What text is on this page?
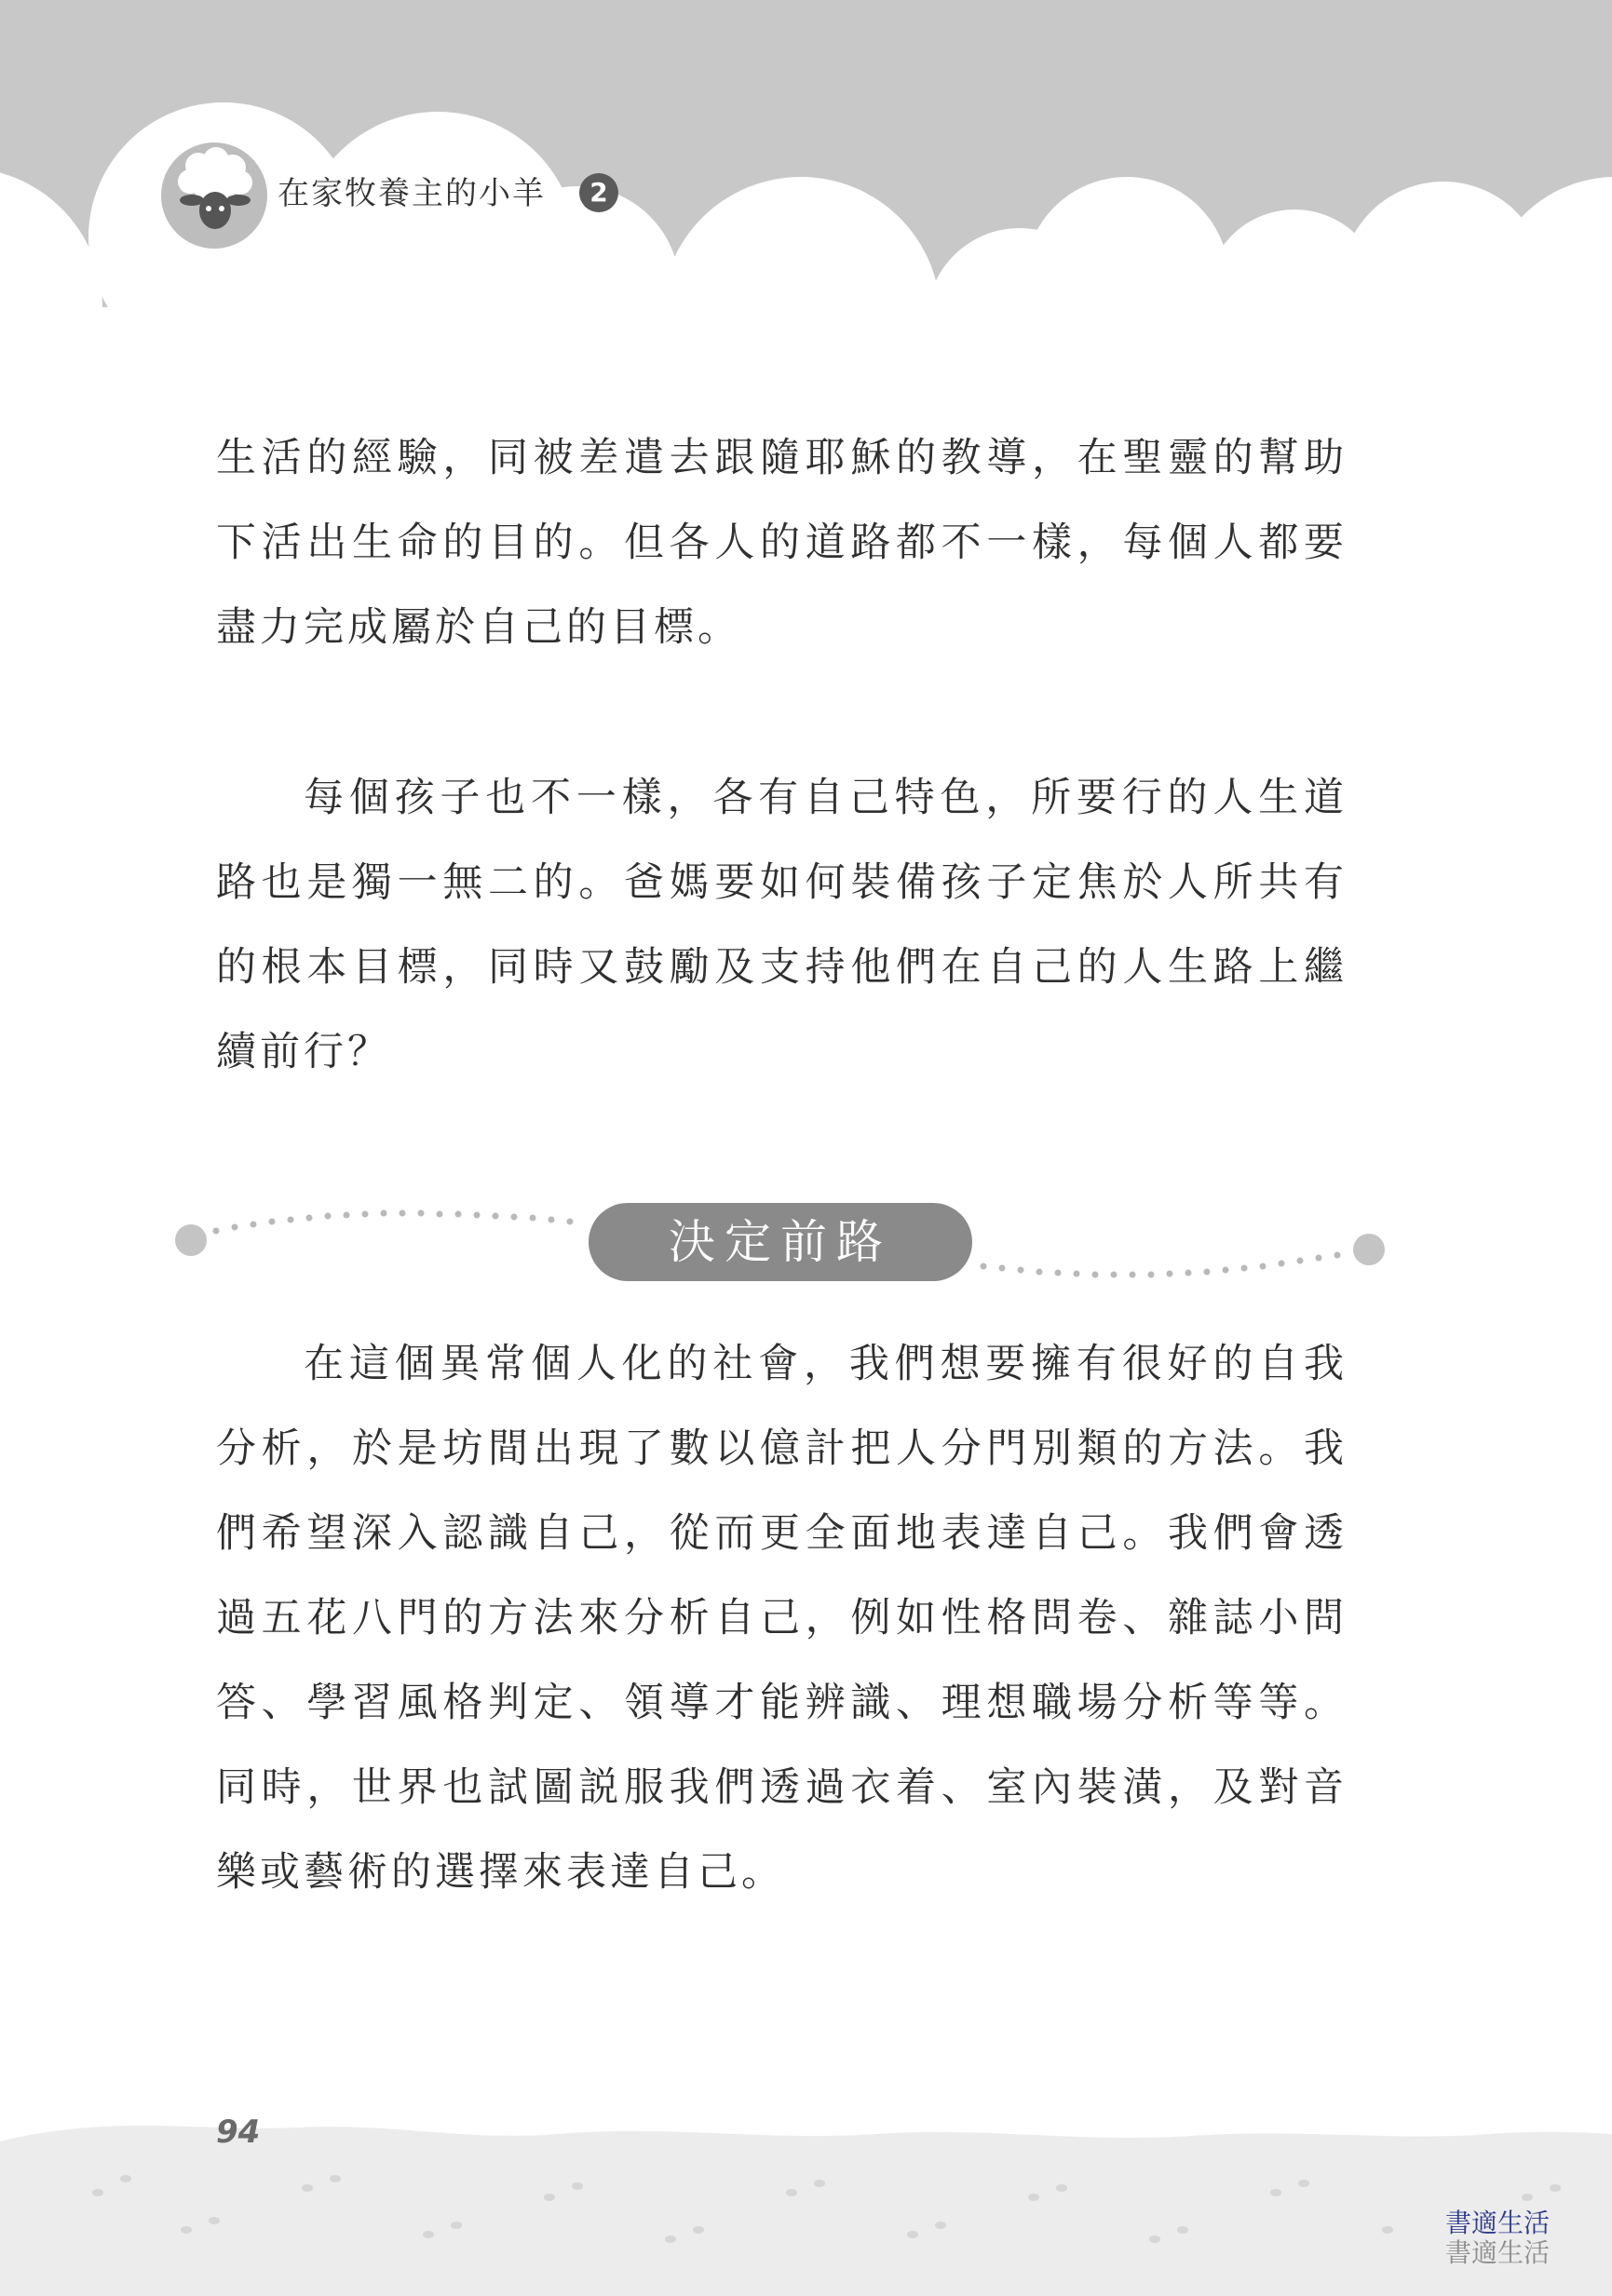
在家牧養主的小羊	2

生活的經驗，同被差遣去跟隨耶穌的教導，在聖靈的幫助下活出生命的目的。但各人的道路都不一樣，每個人都要盡力完成屬於自己的目標。

每個孩子也不一樣，各有自己特色，所要行的人生道路也是獨一無二的。爸媽要如何裝備孩子定焦於人所共有的根本目標，同時又鼓勵及支持他們在自己的人生路上繼續前行？

決定前路

在這個異常個人化的社會，我們想要擁有很好的自我分析，於是坊間出現了數以億計把人分門別類的方法。我們希望深入認識自己，從而更全面地表達自己。我們會透過五花八門的方法來分析自己，例如性格問卷、雜誌小問答、學習風格判定、領導才能辨識、理想職場分析等等。同時，世界也試圖説服我們透過衣着、室內裝潢，及對音樂或藝術的選擇來表達自己。

94
書適生活
書適生活
